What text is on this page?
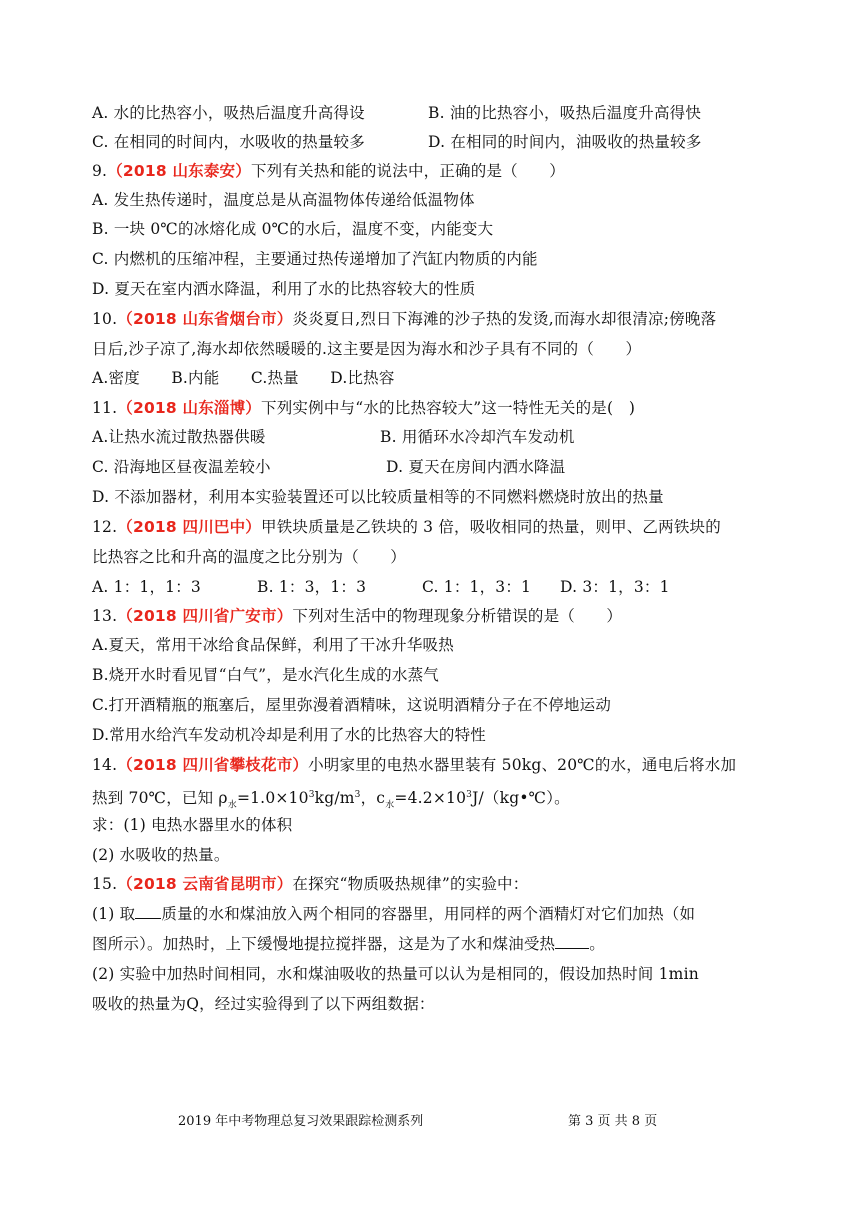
A. 水的比热容小，吸热后温度升高得设	B. 油的比热容小，吸热后温度升高得快
C. 在相同的时间内，水吸收的热量较多	D. 在相同的时间内，油吸收的热量较多
9.（2018 山东泰安）下列有关热和能的说法中，正确的是（　　）
A. 发生热传递时，温度总是从高温物体传递给低温物体
B. 一块 0℃的冰熔化成 0℃的水后，温度不变，内能变大
C. 内燃机的压缩冲程，主要通过热传递增加了汽缸内物质的内能
D. 夏天在室内洒水降温，利用了水的比热容较大的性质
10.（2018 山东省烟台市）炎炎夏日,烈日下海滩的沙子热的发烫,而海水却很清凉;傍晚落
日后,沙子凉了,海水却依然暖暖的.这主要是因为海水和沙子具有不同的（　　）
A.密度　　B.内能　　C.热量　　D.比热容
11.（2018 山东淄博）下列实例中与“水的比热容较大”这一特性无关的是(　)
A.让热水流过散热器供暖	B. 用循环水冷却汽车发动机
C. 沿海地区昼夜温差较小	D. 夏天在房间内洒水降温
D. 不添加器材，利用本实验装置还可以比较质量相等的不同燃料燃烧时放出的热量
12.（2018 四川巴中）甲铁块质量是乙铁块的 3 倍，吸收相同的热量，则甲、乙两铁块的
比热容之比和升高的温度之比分别为（　　）
A. 1：1，1：3	B. 1：3，1：3	C. 1：1，3：1 D. 3：1，3：1
13.（2018 四川省广安市）下列对生活中的物理现象分析错误的是（　　）
A.夏天，常用干冰给食品保鲜，利用了干冰升华吸热
B.烧开水时看见冒“白气”，是水汽化生成的水蒸气
C.打开酒精瓶的瓶塞后，屋里弥漫着酒精味，这说明酒精分子在不停地运动
D.常用水给汽车发动机冷却是利用了水的比热容大的特性
14.（2018 四川省攀枝花市）小明家里的电热水器里装有 50kg、20℃的水，通电后将水加
热到 70℃，已知 $\rho_水=1.0\times 10^3kg/m^3$，$c_水=4.2\times 10^3J/(kg•℃)$。
求：(1) 电热水器里水的体积
(2) 水吸收的热量。
15.（2018 云南省昆明市）在探究“物质吸热规律”的实验中：
(1) 取 质量的水和煤油放入两个相同的容器里，用同样的两个酒精灯对它们加热（如
图所示）。加热时，上下缓慢地提拉搅拌器，这是为了水和煤油受热 。
(2) 实验中加热时间相同，水和煤油吸收的热量可以认为是相同的，假设加热时间 1min
吸收的热量为Q，经过实验得到了以下两组数据：
2019 年中考物理总复习效果跟踪检测系列	第 3 页 共 8 页
